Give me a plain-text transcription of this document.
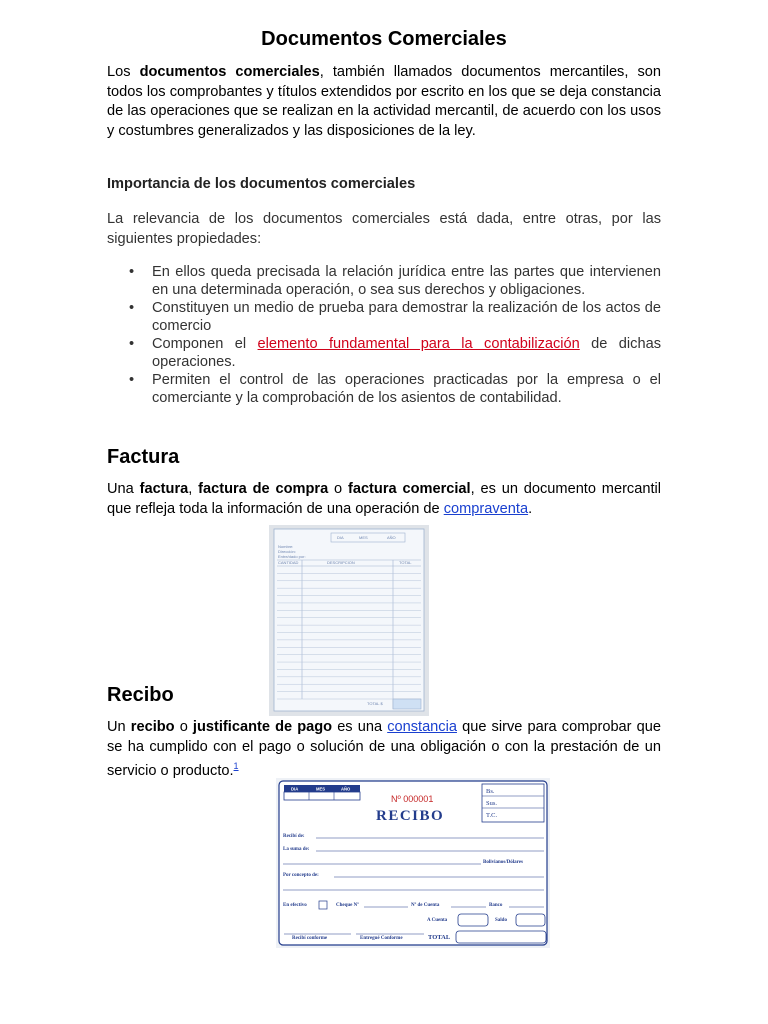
Documentos Comerciales

Los documentos comerciales, también llamados documentos mercantiles, son todos los comprobantes y títulos extendidos por escrito en los que se deja constancia de las operaciones que se realizan en la actividad mercantil, de acuerdo con los usos y costumbres generalizados y las disposiciones de la ley.

Importancia de los documentos comerciales

La relevancia de los documentos comerciales está dada, entre otras, por las siguientes propiedades:

• En ellos queda precisada la relación jurídica entre las partes que intervienen en una determinada operación, o sea sus derechos y obligaciones.
• Constituyen un medio de prueba para demostrar la realización de los actos de comercio
• Componen el elemento fundamental para la contabilización de dichas operaciones.
• Permiten el control de las operaciones practicadas por la empresa o el comerciante y la comprobación de los asientos de contabilidad.
Factura

Una factura, factura de compra o factura comercial, es un documento mercantil que refleja toda la información de una operación de compraventa.

Recibo

Un recibo o justificante de pago es una constancia que sirve para comprobar que se ha cumplido con el pago o solución de una obligación o con la prestación de un servicio o producto.$^1$

DIA	MES	AÑO
Nombre:
Dirección:
Entre/dado por:
CANTIDAD	DESCRIPCION	TOTAL
TOTAL $
DIA	MES	AÑO
Nº 000001
RECIBO
Bs.
Sus.
T.C.
Recibí de:
La suma de:
Bolivianos/Dólares
Por concepto de:
En efectivo	Cheque Nº	Nº de Cuenta	Banco
A Cuenta	Saldo
Recibí conforme	Entregué Conforme	TOTAL
